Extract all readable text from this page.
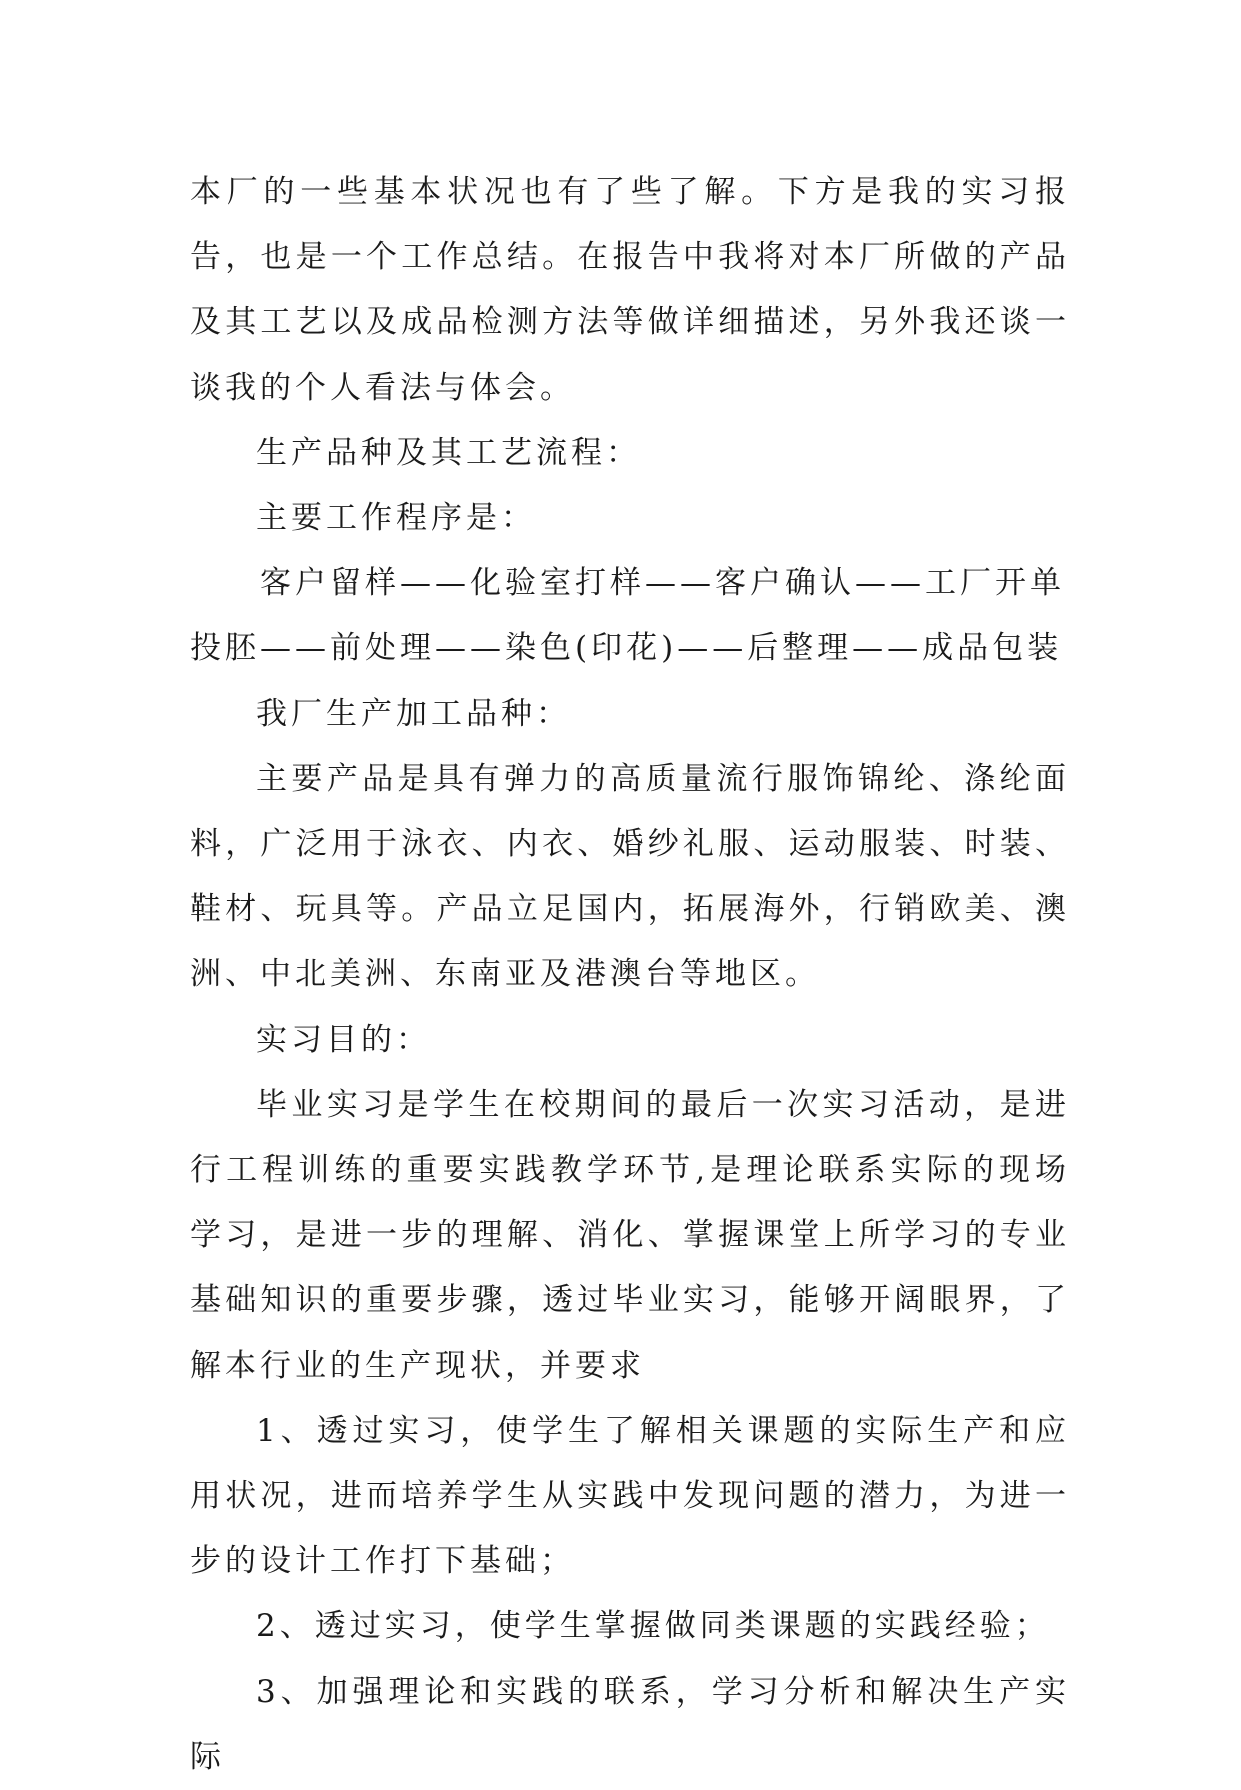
本厂的一些基本状况也有了些了解。下方是我的实习报告，也是一个工作总结。在报告中我将对本厂所做的产品及其工艺以及成品检测方法等做详细描述，另外我还谈一谈我的个人看法与体会。

生产品种及其工艺流程：

主要工作程序是：

客户留样——化验室打样——客户确认——工厂开单

投胚——前处理——染色(印花)——后整理——成品包装

我厂生产加工品种：

主要产品是具有弹力的高质量流行服饰锦纶、涤纶面料，广泛用于泳衣、内衣、婚纱礼服、运动服装、时装、鞋材、玩具等。产品立足国内，拓展海外，行销欧美、澳洲、中北美洲、东南亚及港澳台等地区。

实习目的：

毕业实习是学生在校期间的最后一次实习活动，是进行工程训练的重要实践教学环节,是理论联系实际的现场学习，是进一步的理解、消化、掌握课堂上所学习的专业基础知识的重要步骤，透过毕业实习，能够开阔眼界，了解本行业的生产现状，并要求

1、透过实习，使学生了解相关课题的实际生产和应用状况，进而培养学生从实践中发现问题的潜力，为进一步的设计工作打下基础；

2、透过实习，使学生掌握做同类课题的实践经验；

3、加强理论和实践的联系，学习分析和解决生产实际
